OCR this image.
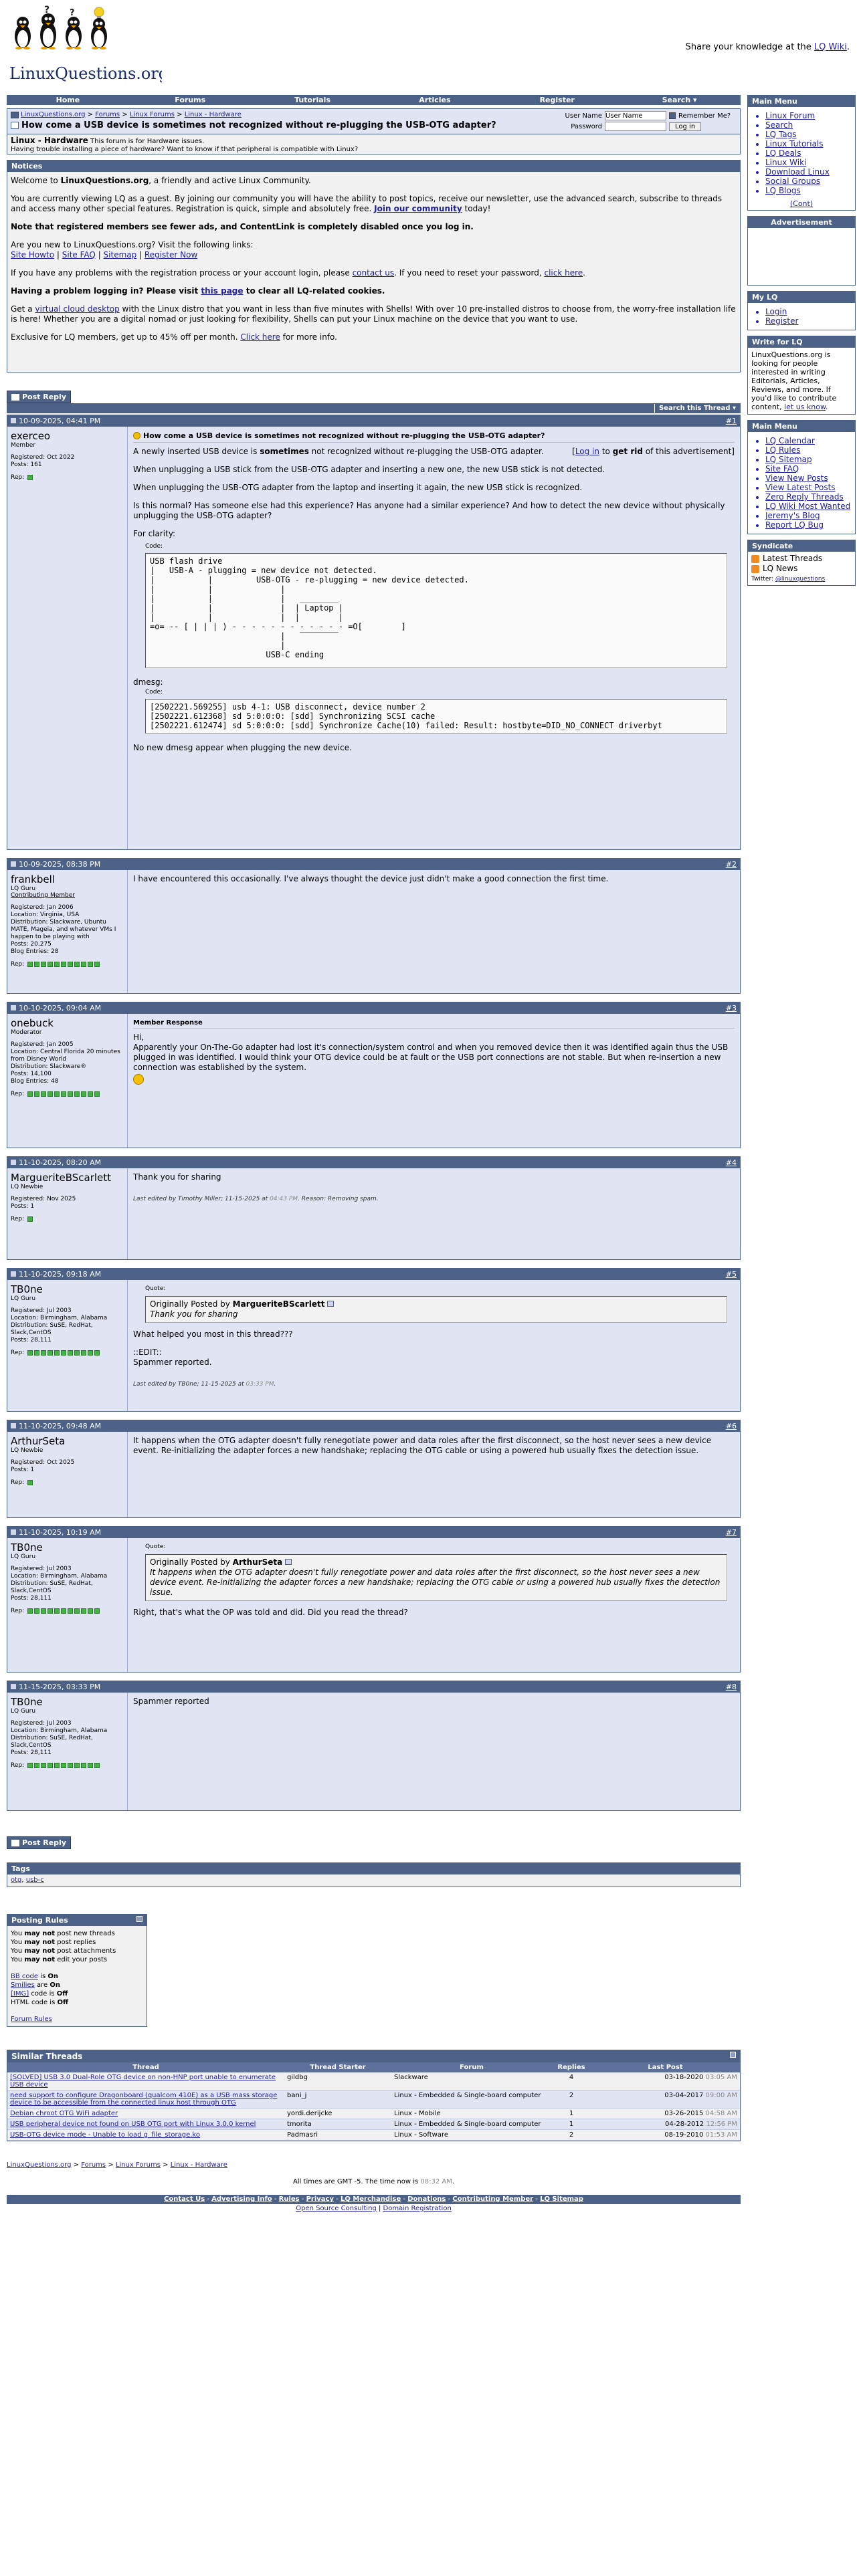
? ?
LinuxQuestions.org
Share your knowledge at the LQ Wiki.
Home	Forums	Tutorials	Articles	Register	Search ▾
LinuxQuestions.org > Forums > Linux Forums > Linux - Hardware
How come a USB device is sometimes not recognized without re-plugging the USB-OTG adapter?
User Name
User Name	Remember Me?
Password	Log in
Linux - Hardware This forum is for Hardware issues.
Having trouble installing a piece of hardware? Want to know if that peripheral is compatible with Linux?
Notices

Welcome to LinuxQuestions.org, a friendly and active Linux Community.

You are currently viewing LQ as a guest. By joining our community you will have the ability to post topics, receive our newsletter, use the advanced search, subscribe to threads and access many other special features. Registration is quick, simple and absolutely free. Join our community today!

Note that registered members see fewer ads, and ContentLink is completely disabled once you log in.

Are you new to LinuxQuestions.org? Visit the following links:

Site Howto | Site FAQ | Sitemap | Register Now

If you have any problems with the registration process or your account login, please contact us. If you need to reset your password, click here.

Having a problem logging in? Please visit this page to clear all LQ-related cookies.

Get a virtual cloud desktop with the Linux distro that you want in less than five minutes with Shells! With over 10 pre-installed distros to choose from, the worry-free installation life is here! Whether you are a digital nomad or just looking for flexibility, Shells can put your Linux machine on the device that you want to use.

Exclusive for LQ members, get up to 45% off per month. Click here for more info.

Post Reply
Search this Thread ▾
10-09-2025, 04:41 PM	#1
exerceo
Member
Registered: Oct 2022
Posts: 161
Rep:
How come a USB device is sometimes not recognized without re-plugging the USB-OTG adapter?
[Log in to get rid of this advertisement]

A newly inserted USB device is sometimes not recognized without re-plugging the USB-OTG adapter.

When unplugging a USB stick from the USB-OTG adapter and inserting a new one, the new USB stick is not detected.

When unplugging the USB-OTG adapter from the laptop and inserting it again, the new USB stick is recognized.

Is this normal? Has someone else had this experience? Has anyone had a similar experience? And how to detect the new device without physically unplugging the USB-OTG adapter?

For clarity:

Code:
USB flash drive
|   USB-A - plugging = new device not detected.
|           |         USB-OTG - re-plugging = new device detected.
|           |              |
|           |              |   ________
|           |              |  | Laptop |
|           |              |  |        |
=o= -- [ | | | ) - - - - - - - - - - - - =O[        ]
|   ‾‾‾‾‾‾‾‾
|
USB-C ending

dmesg:

Code:
[2502221.569255] usb 4-1: USB disconnect, device number 2
[2502221.612368] sd 5:0:0:0: [sdd] Synchronizing SCSI cache
[2502221.612474] sd 5:0:0:0: [sdd] Synchronize Cache(10) failed: Result: hostbyte=DID_NO_CONNECT driverbyt

No new dmesg appear when plugging the new device.

10-09-2025, 08:38 PM	#2
frankbell
LQ Guru
Contributing Member
Registered: Jan 2006
Location: Virginia, USA
Distribution: Slackware, Ubuntu MATE, Mageia, and whatever VMs I happen to be playing with
Posts: 20,275
Blog Entries: 28
Rep:

I have encountered this occasionally. I've always thought the device just didn't make a good connection the first time.

10-10-2025, 09:04 AM	#3
onebuck
Moderator
Registered: Jan 2005
Location: Central Florida 20 minutes from Disney World
Distribution: Slackware®
Posts: 14,100
Blog Entries: 48
Rep:
Member Response

Hi,

Apparently your On-The-Go adapter had lost it's connection/system control and when you removed device then it was identified again thus the USB plugged in was identified. I would think your OTG device could be at fault or the USB port connections are not stable. But when re-insertion a new connection was established by the system.

11-10-2025, 08:20 AM	#4
MargueriteBScarlett
LQ Newbie
Registered: Nov 2025
Posts: 1
Rep:

Thank you for sharing

Last edited by Timothy Miller; 11-15-2025 at 04:43 PM. Reason: Removing spam.
11-10-2025, 09:18 AM	#5
TB0ne
LQ Guru
Registered: Jul 2003
Location: Birmingham, Alabama
Distribution: SuSE, RedHat, Slack,CentOS
Posts: 28,111
Rep:
Quote:
Originally Posted by MargueriteBScarlett
Thank you for sharing

What helped you most in this thread???

::EDIT::

Spammer reported.

Last edited by TB0ne; 11-15-2025 at 03:33 PM.
11-10-2025, 09:48 AM	#6
ArthurSeta
LQ Newbie
Registered: Oct 2025
Posts: 1
Rep:

It happens when the OTG adapter doesn't fully renegotiate power and data roles after the first disconnect, so the host never sees a new device event. Re-initializing the adapter forces a new handshake; replacing the OTG cable or using a powered hub usually fixes the detection issue.

11-10-2025, 10:19 AM	#7
TB0ne
LQ Guru
Registered: Jul 2003
Location: Birmingham, Alabama
Distribution: SuSE, RedHat, Slack,CentOS
Posts: 28,111
Rep:
Quote:
Originally Posted by ArthurSeta
It happens when the OTG adapter doesn't fully renegotiate power and data roles after the first disconnect, so the host never sees a new device event. Re-initializing the adapter forces a new handshake; replacing the OTG cable or using a powered hub usually fixes the detection issue.

Right, that's what the OP was told and did. Did you read the thread?

11-15-2025, 03:33 PM	#8
TB0ne
LQ Guru
Registered: Jul 2003
Location: Birmingham, Alabama
Distribution: SuSE, RedHat, Slack,CentOS
Posts: 28,111
Rep:

Spammer reported

Post Reply
Tags
otg, usb-c
Posting Rules
You may not post new threads
You may not post replies
You may not post attachments
You may not edit your posts
BB code is On
Smilies are On
[IMG] code is Off
HTML code is Off
Forum Rules
Similar Threads
Thread	Thread Starter	Forum	Replies	Last Post
[SOLVED] USB 3.0 Dual-Role OTG device on non-HNP port unable to enumerate USB device	gildbg	Slackware	4	03-18-2020 03:05 AM
need support to configure Dragonboard (qualcom 410E) as a USB mass storage device to be accessible from the connected linux host through OTG	bani_j	Linux - Embedded & Single-board computer	2	03-04-2017 09:00 AM
Debian chroot OTG WiFi adapter	yordi.derijcke	Linux - Mobile	1	03-26-2015 04:58 AM
USB peripheral device not found on USB OTG port with Linux 3.0.0 kernel	tmorita	Linux - Embedded & Single-board computer	1	04-28-2012 12:56 PM
USB-OTG device mode - Unable to load g_file_storage.ko	Padmasri	Linux - Software	2	08-19-2010 01:53 AM
LinuxQuestions.org > Forums > Linux Forums > Linux - Hardware
All times are GMT -5. The time now is 08:32 AM.
Contact Us - Advertising Info - Rules - Privacy - LQ Merchandise - Donations - Contributing Member - LQ Sitemap
Open Source Consulting | Domain Registration
Main Menu
• Linux Forum
• Search
• LQ Tags
• Linux Tutorials
• LQ Deals
• Linux Wiki
• Download Linux
• Social Groups
• LQ Blogs
(Cont)
Advertisement
My LQ
• Login
• Register
Write for LQ
LinuxQuestions.org is looking for people interested in writing Editorials, Articles, Reviews, and more. If you'd like to contribute content, let us know.
Main Menu
• LQ Calendar
• LQ Rules
• LQ Sitemap
• Site FAQ
• View New Posts
• View Latest Posts
• Zero Reply Threads
• LQ Wiki Most Wanted
• Jeremy's Blog
• Report LQ Bug
Syndicate
Latest Threads
LQ News
Twitter: @linuxquestions
